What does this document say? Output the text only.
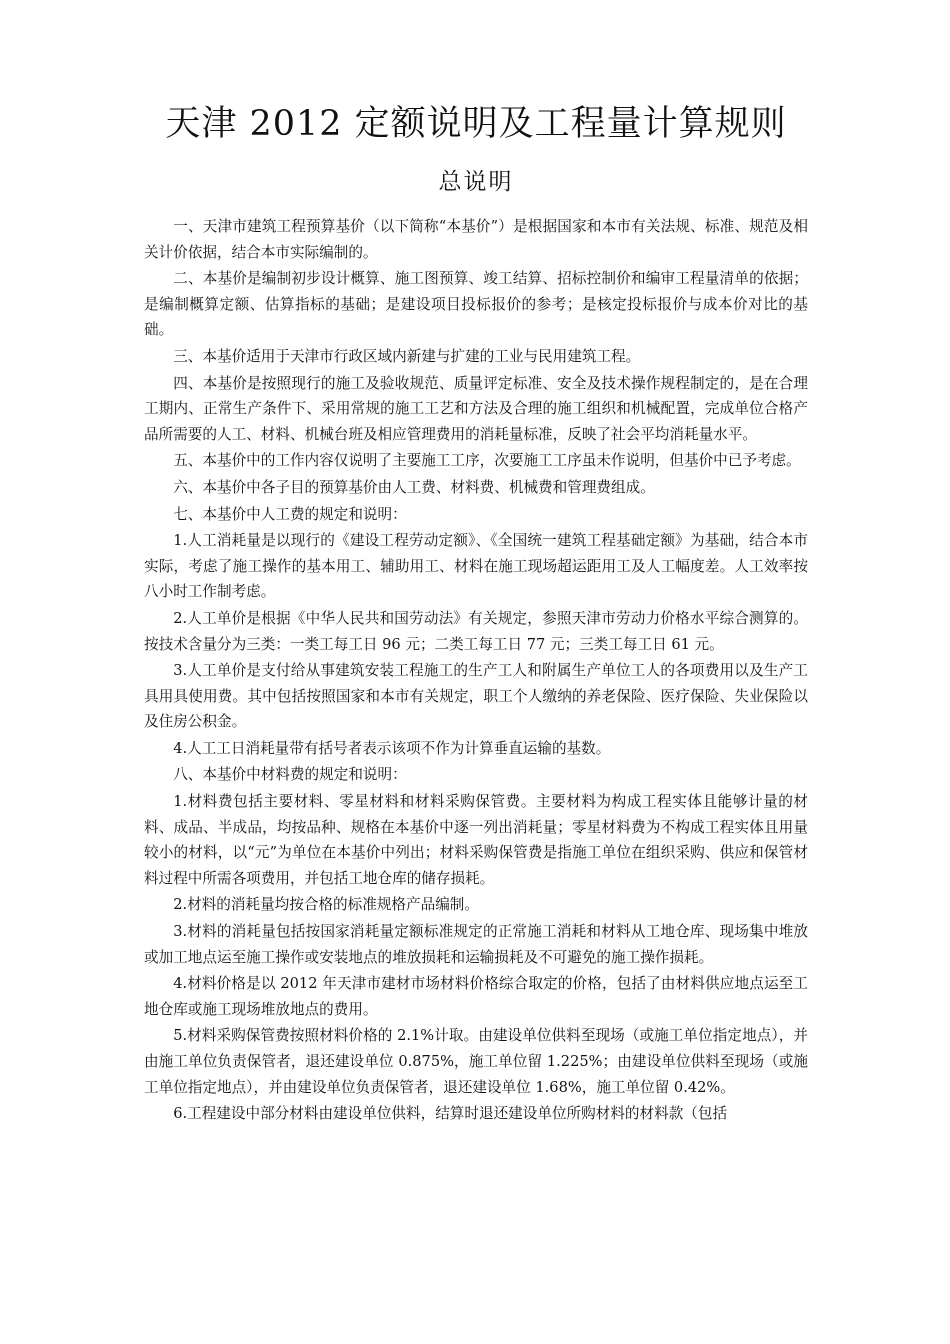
天津 2012 定额说明及工程量计算规则
总说明

一、天津市建筑工程预算基价（以下简称“本基价”）是根据国家和本市有关法规、标准、规范及相关计价依据，结合本市实际编制的。

二、本基价是编制初步设计概算、施工图预算、竣工结算、招标控制价和编审工程量清单的依据；是编制概算定额、估算指标的基础；是建设项目投标报价的参考；是核定投标报价与成本价对比的基础。

三、本基价适用于天津市行政区域内新建与扩建的工业与民用建筑工程。

四、本基价是按照现行的施工及验收规范、质量评定标准、安全及技术操作规程制定的，是在合理工期内、正常生产条件下、采用常规的施工工艺和方法及合理的施工组织和机械配置，完成单位合格产品所需要的人工、材料、机械台班及相应管理费用的消耗量标准，反映了社会平均消耗量水平。

五、本基价中的工作内容仅说明了主要施工工序，次要施工工序虽未作说明，但基价中已予考虑。

六、本基价中各子目的预算基价由人工费、材料费、机械费和管理费组成。

七、本基价中人工费的规定和说明：

1.人工消耗量是以现行的《建设工程劳动定额》、《全国统一建筑工程基础定额》为基础，结合本市实际，考虑了施工操作的基本用工、辅助用工、材料在施工现场超运距用工及人工幅度差。人工效率按八小时工作制考虑。

2.人工单价是根据《中华人民共和国劳动法》有关规定，参照天津市劳动力价格水平综合测算的。按技术含量分为三类：一类工每工日 96 元；二类工每工日 77 元；三类工每工日 61 元。

3.人工单价是支付给从事建筑安装工程施工的生产工人和附属生产单位工人的各项费用以及生产工具用具使用费。其中包括按照国家和本市有关规定，职工个人缴纳的养老保险、医疗保险、失业保险以及住房公积金。

4.人工工日消耗量带有括号者表示该项不作为计算垂直运输的基数。

八、本基价中材料费的规定和说明：

1.材料费包括主要材料、零星材料和材料采购保管费。主要材料为构成工程实体且能够计量的材料、成品、半成品，均按品种、规格在本基价中逐一列出消耗量；零星材料费为不构成工程实体且用量较小的材料，以“元”为单位在本基价中列出；材料采购保管费是指施工单位在组织采购、供应和保管材料过程中所需各项费用，并包括工地仓库的储存损耗。

2.材料的消耗量均按合格的标准规格产品编制。

3.材料的消耗量包括按国家消耗量定额标准规定的正常施工消耗和材料从工地仓库、现场集中堆放或加工地点运至施工操作或安装地点的堆放损耗和运输损耗及不可避免的施工操作损耗。

4.材料价格是以 2012 年天津市建材市场材料价格综合取定的价格，包括了由材料供应地点运至工地仓库或施工现场堆放地点的费用。

5.材料采购保管费按照材料价格的 2.1%计取。由建设单位供料至现场（或施工单位指定地点），并由施工单位负责保管者，退还建设单位 0.875%，施工单位留 1.225%；由建设单位供料至现场（或施工单位指定地点），并由建设单位负责保管者，退还建设单位 1.68%，施工单位留 0.42%。

6.工程建设中部分材料由建设单位供料，结算时退还建设单位所购材料的材料款（包括
